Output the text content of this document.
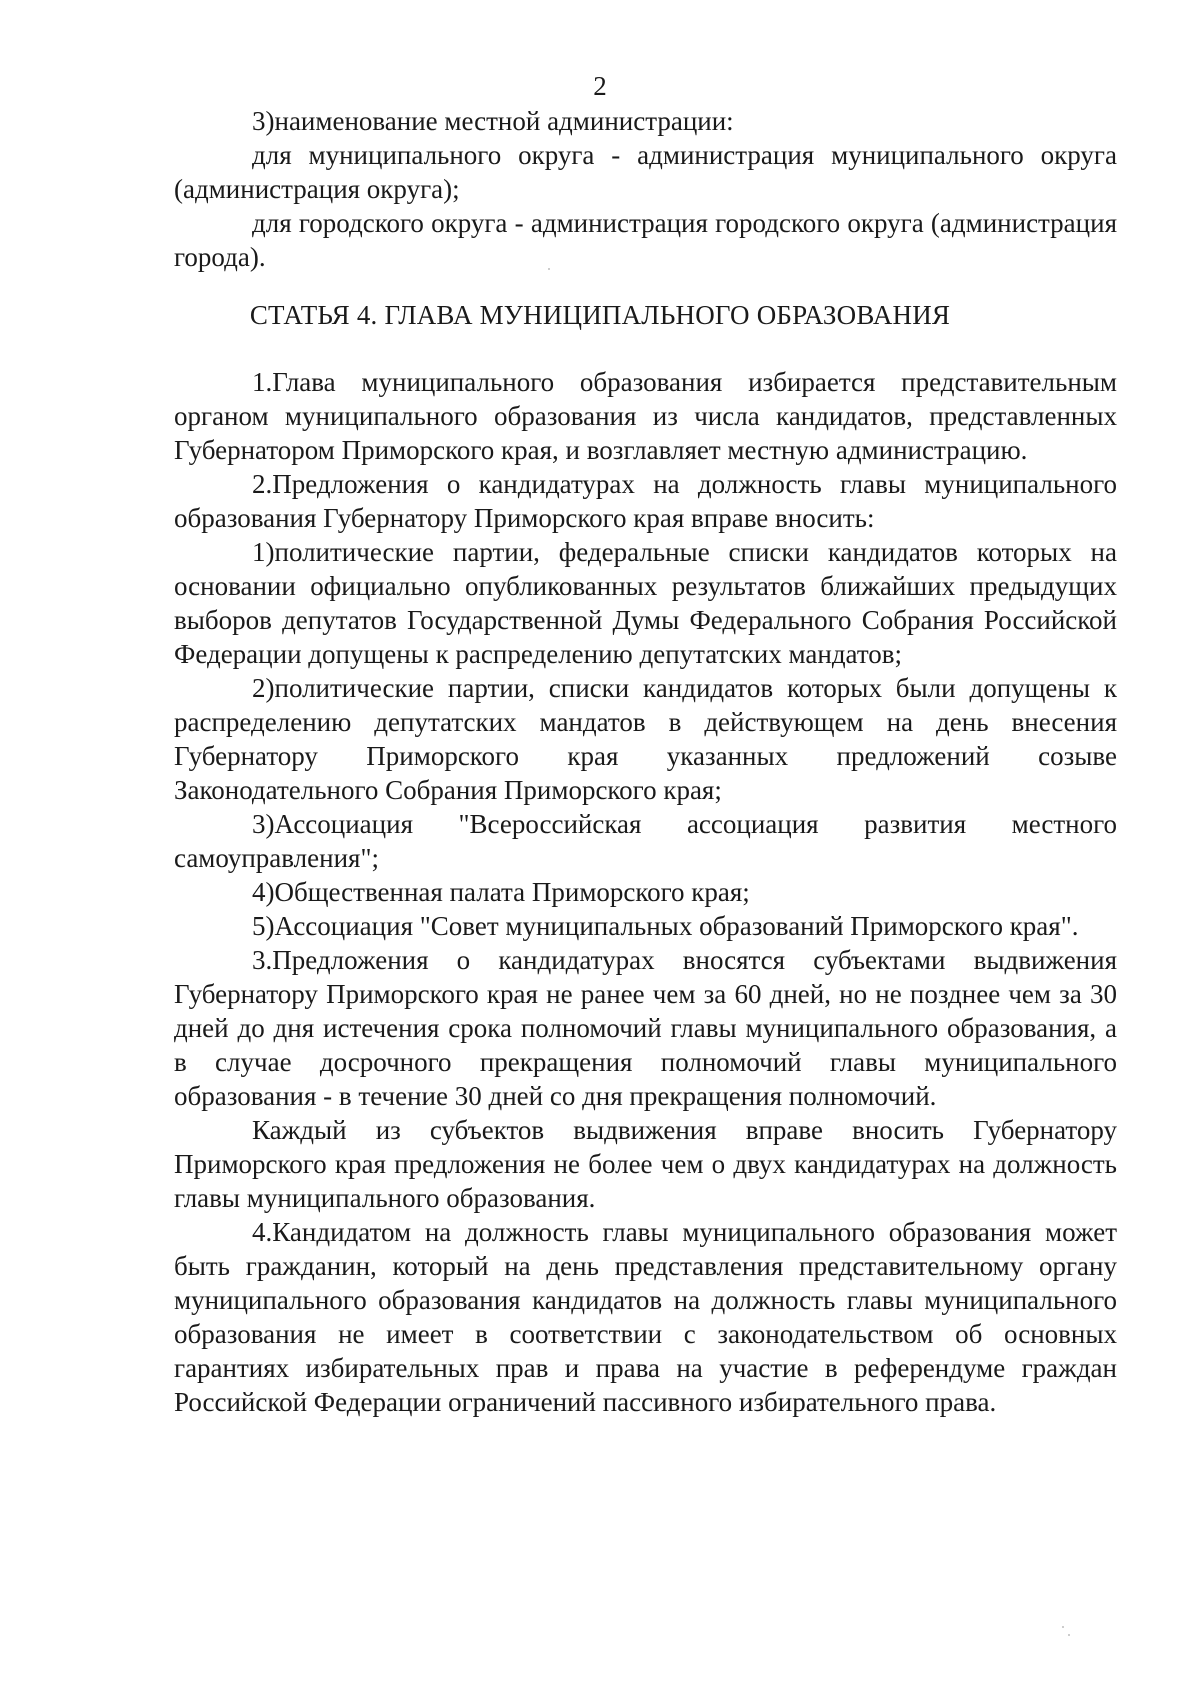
2

3)наименование местной администрации:

для муниципального округа - администрация муниципального округа (администрация округа);

для городского округа - администрация городского округа (администрация города).

СТАТЬЯ 4. ГЛАВА МУНИЦИПАЛЬНОГО ОБРАЗОВАНИЯ

1.Глава муниципального образования избирается представительным органом муниципального образования из числа кандидатов, представленных Губернатором Приморского края, и возглавляет местную администрацию.

2.Предложения о кандидатурах на должность главы муниципального образования Губернатору Приморского края вправе вносить:

1)политические партии, федеральные списки кандидатов которых на основании официально опубликованных результатов ближайших предыдущих выборов депутатов Государственной Думы Федерального Собрания Российской Федерации допущены к распределению депутатских мандатов;

2)политические партии, списки кандидатов которых были допущены к распределению депутатских мандатов в действующем на день внесения Губернатору Приморского края указанных предложений созыве Законодательного Собрания Приморского края;

3)Ассоциация "Всероссийская ассоциация развития местного самоуправления";

4)Общественная палата Приморского края;

5)Ассоциация "Совет муниципальных образований Приморского края".

3.Предложения о кандидатурах вносятся субъектами выдвижения Губернатору Приморского края не ранее чем за 60 дней, но не позднее чем за 30 дней до дня истечения срока полномочий главы муниципального образования, а в случае досрочного прекращения полномочий главы муниципального образования - в течение 30 дней со дня прекращения полномочий.

Каждый из субъектов выдвижения вправе вносить Губернатору Приморского края предложения не более чем о двух кандидатурах на должность главы муниципального образования.

4.Кандидатом на должность главы муниципального образования может быть гражданин, который на день представления представительному органу муниципального образования кандидатов на должность главы муниципального образования не имеет в соответствии с законодательством об основных гарантиях избирательных прав и права на участие в референдуме граждан Российской Федерации ограничений пассивного избирательного права.
